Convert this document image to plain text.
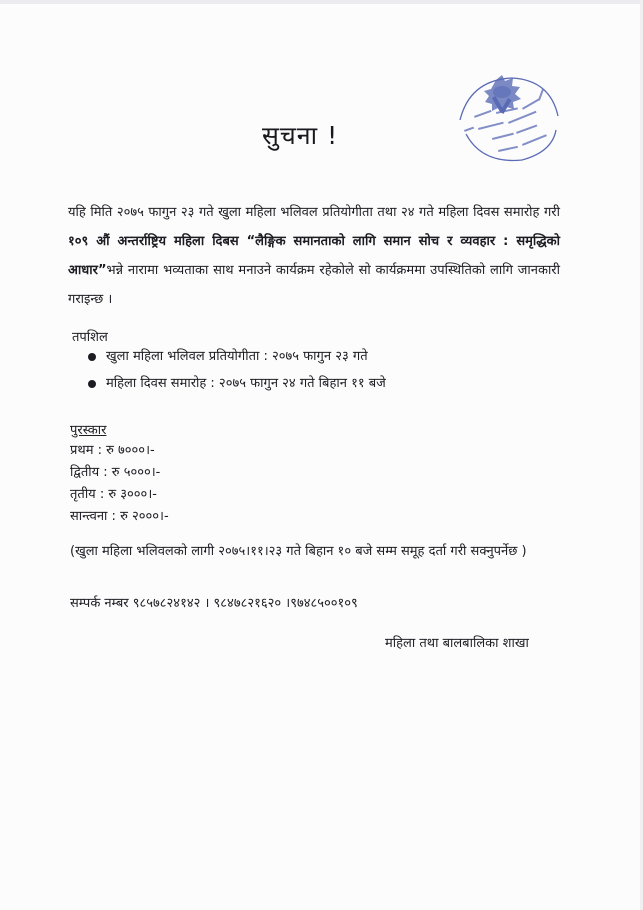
सुचना !
यहि मिति २०७५ फागुन २३ गते खुला महिला भलिवल प्रतियोगीता तथा २४ गते महिला दिवस समारोह गरी १०९ औं अन्तर्राष्ट्रिय महिला दिबस “लैङ्गिक समानताको लागि समान सोच र व्यवहार : समृद्धिको आधार”भन्ने नारामा भव्यताका साथ मनाउने कार्यक्रम रहेकोले सो कार्यक्रममा उपस्थितिको लागि जानकारी गराइन्छ ।
तपशिल
खुला महिला भलिवल प्रतियोगीता : २०७५ फागुन २३ गते
महिला दिवस समारोह : २०७५ फागुन २४ गते बिहान ११ बजे
पुरस्कार
प्रथम : रु ७०००।-
द्वितीय : रु ५०००।-
तृतीय : रु ३०००।-
सान्त्वना : रु २०००।-
(खुला महिला भलिवलको लागी २०७५।११।२३ गते बिहान १० बजे सम्म समूह दर्ता गरी सक्नुपर्नेछ )
सम्पर्क नम्बर ९८५७८२४१४२ । ९८४७८२१६२० ।९७४८५००१०९
महिला तथा बालबालिका शाखा
